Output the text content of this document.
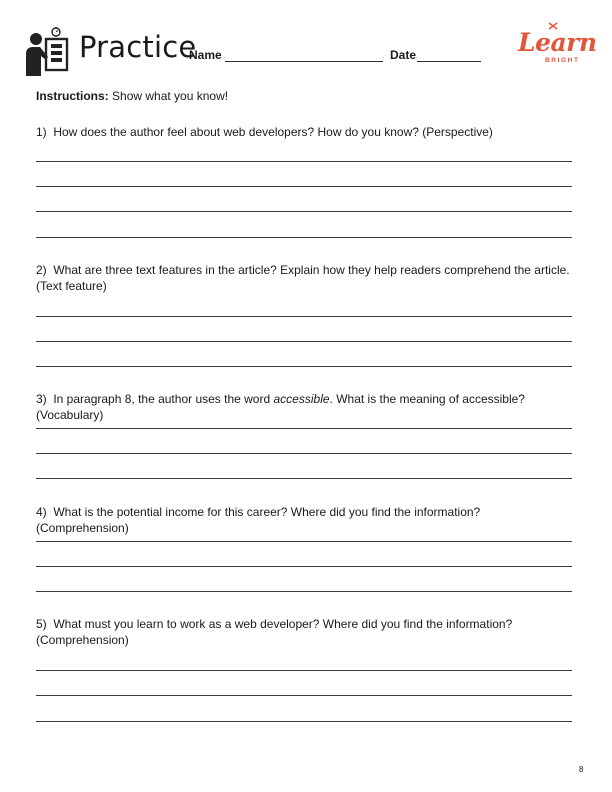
Practice
Name	Date	Learn
BRIGHT
Instructions: Show what you know!
1) How does the author feel about web developers? How do you know? (Perspective)
2) What are three text features in the article? Explain how they help readers comprehend the article. (Text feature)
3) In paragraph 8, the author uses the word accessible. What is the meaning of accessible? (Vocabulary)
4) What is the potential income for this career? Where did you find the information? (Comprehension)
5) What must you learn to work as a web developer? Where did you find the information? (Comprehension)
8
